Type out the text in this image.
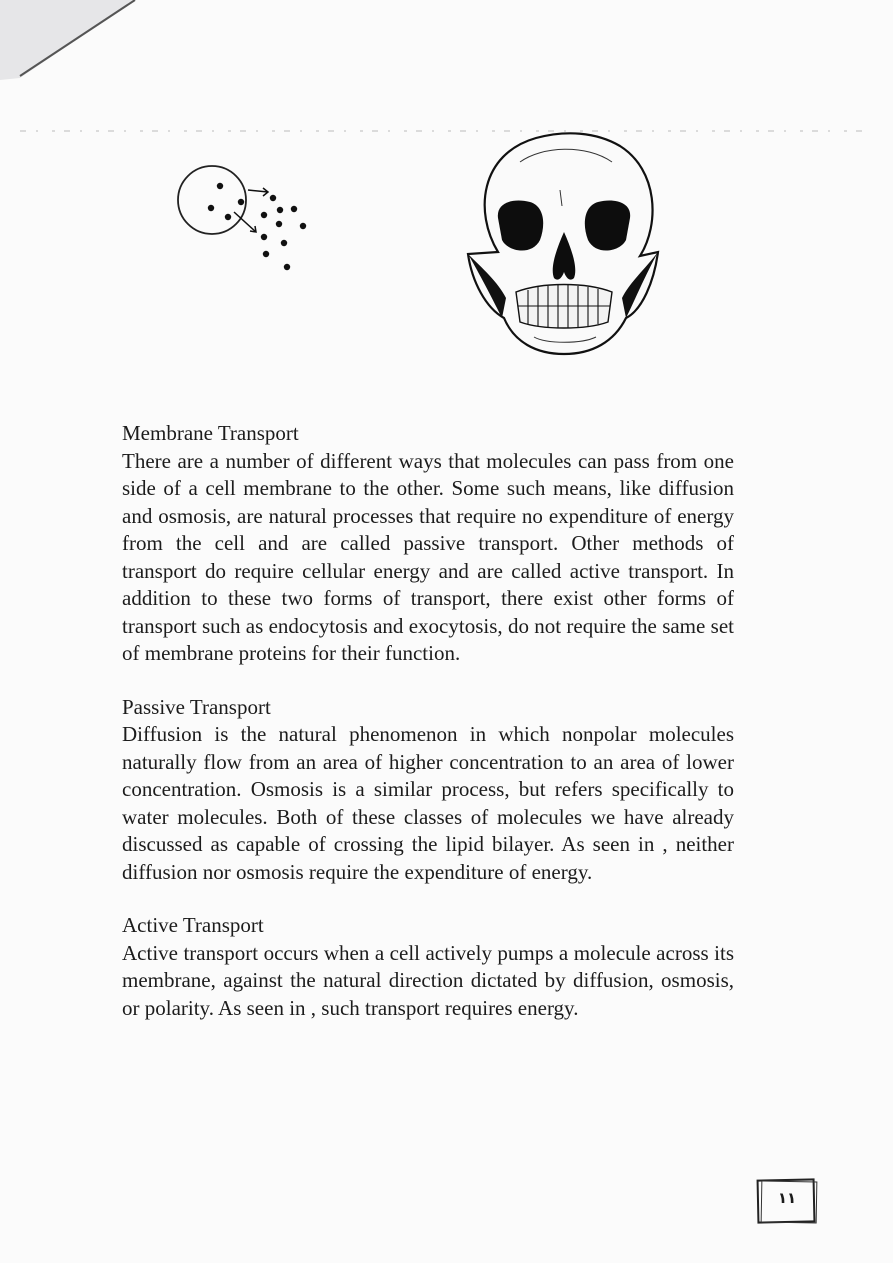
Membrane Transport

There are a number of different ways that molecules can pass from one side of a cell membrane to the other. Some such means, like diffusion and osmosis, are natural processes that require no expenditure of energy from the cell and are called passive transport. Other methods of transport do require cellular energy and are called active transport. In addition to these two forms of transport, there exist other forms of transport such as endocytosis and exocytosis, do not require the same set of membrane proteins for their function.

Passive Transport

Diffusion is the natural phenomenon in which nonpolar molecules naturally flow from an area of higher concentration to an area of lower concentration. Osmosis is a similar process, but refers specifically to water molecules. Both of these classes of molecules we have already discussed as capable of crossing the lipid bilayer. As seen in , neither diffusion nor osmosis require the expenditure of energy.

Active Transport

Active transport occurs when a cell actively pumps a molecule across its membrane, against the natural direction dictated by diffusion, osmosis, or polarity. As seen in , such transport requires energy.

١١
